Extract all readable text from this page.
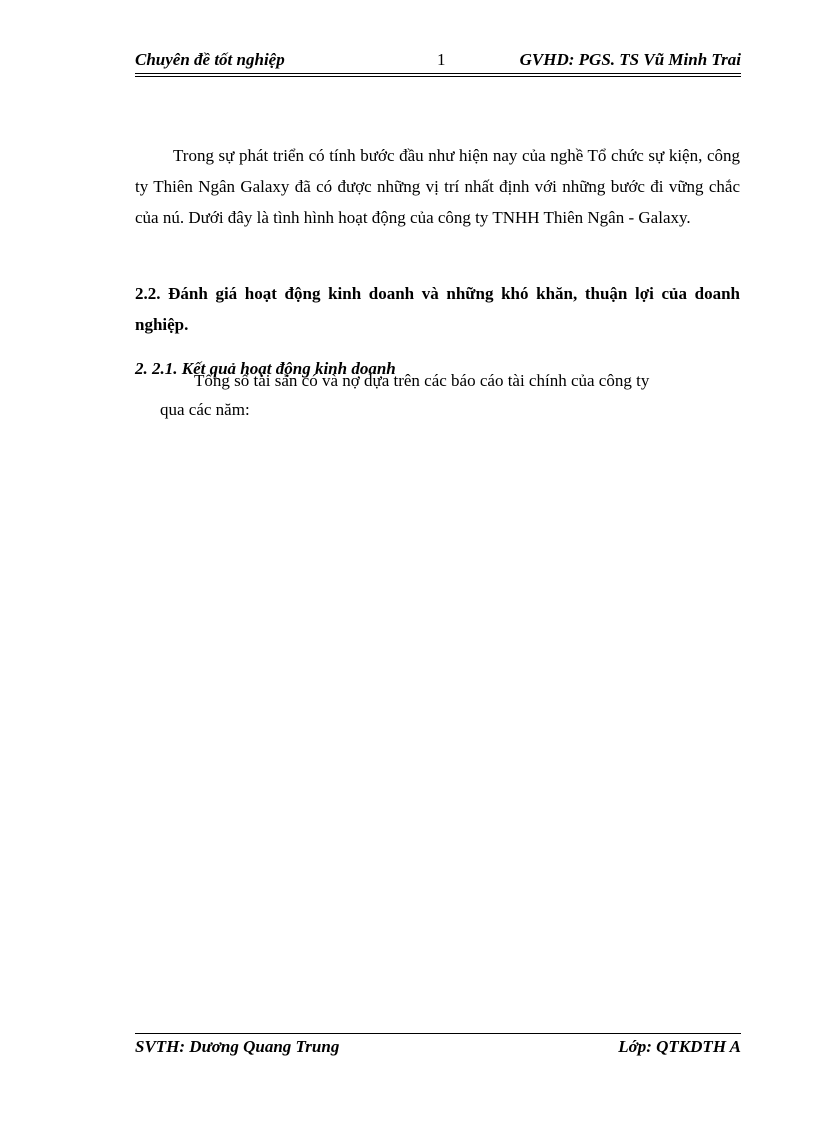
Chuyên đề tốt nghiệp	1	GVHD: PGS. TS Vũ Minh Trai
Trong sự phát triển có tính bước đầu như hiện nay của nghề Tổ chức sự kiện, công ty Thiên Ngân Galaxy đã có được những vị trí nhất định với những bước đi vững chắc của nú. Dưới đây là tình hình hoạt động của công ty TNHH Thiên Ngân - Galaxy.
2.2. Đánh giá hoạt động kinh doanh và những khó khăn, thuận lợi của doanh nghiệp.
2. 2.1. Kết quả hoạt động kinh doanh
Tổng số tài sản có và nợ dựa trên các báo cáo tài chính của công ty
qua các năm:
SVTH: Dương Quang Trung	Lớp: QTKDTH A
